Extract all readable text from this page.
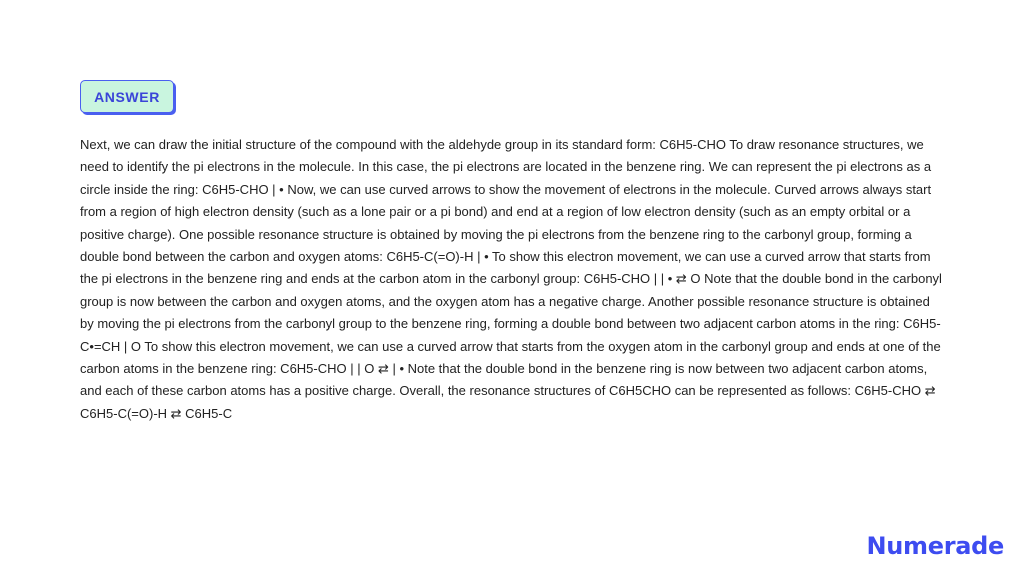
ANSWER

Next, we can draw the initial structure of the compound with the aldehyde group in its standard form: C6H5-CHO To draw resonance structures, we need to identify the pi electrons in the molecule. In this case, the pi electrons are located in the benzene ring. We can represent the pi electrons as a circle inside the ring: C6H5-CHO | • Now, we can use curved arrows to show the movement of electrons in the molecule. Curved arrows always start from a region of high electron density (such as a lone pair or a pi bond) and end at a region of low electron density (such as an empty orbital or a positive charge). One possible resonance structure is obtained by moving the pi electrons from the benzene ring to the carbonyl group, forming a double bond between the carbon and oxygen atoms: C6H5-C(=O)-H | • To show this electron movement, we can use a curved arrow that starts from the pi electrons in the benzene ring and ends at the carbon atom in the carbonyl group: C6H5-CHO | | • ⇄ O Note that the double bond in the carbonyl group is now between the carbon and oxygen atoms, and the oxygen atom has a negative charge. Another possible resonance structure is obtained by moving the pi electrons from the carbonyl group to the benzene ring, forming a double bond between two adjacent carbon atoms in the ring: C6H5-C•=CH | O To show this electron movement, we can use a curved arrow that starts from the oxygen atom in the carbonyl group and ends at one of the carbon atoms in the benzene ring: C6H5-CHO | | O ⇄ | • Note that the double bond in the benzene ring is now between two adjacent carbon atoms, and each of these carbon atoms has a positive charge. Overall, the resonance structures of C6H5CHO can be represented as follows: C6H5-CHO ⇄ C6H5-C(=O)-H ⇄ C6H5-C

Numerade
